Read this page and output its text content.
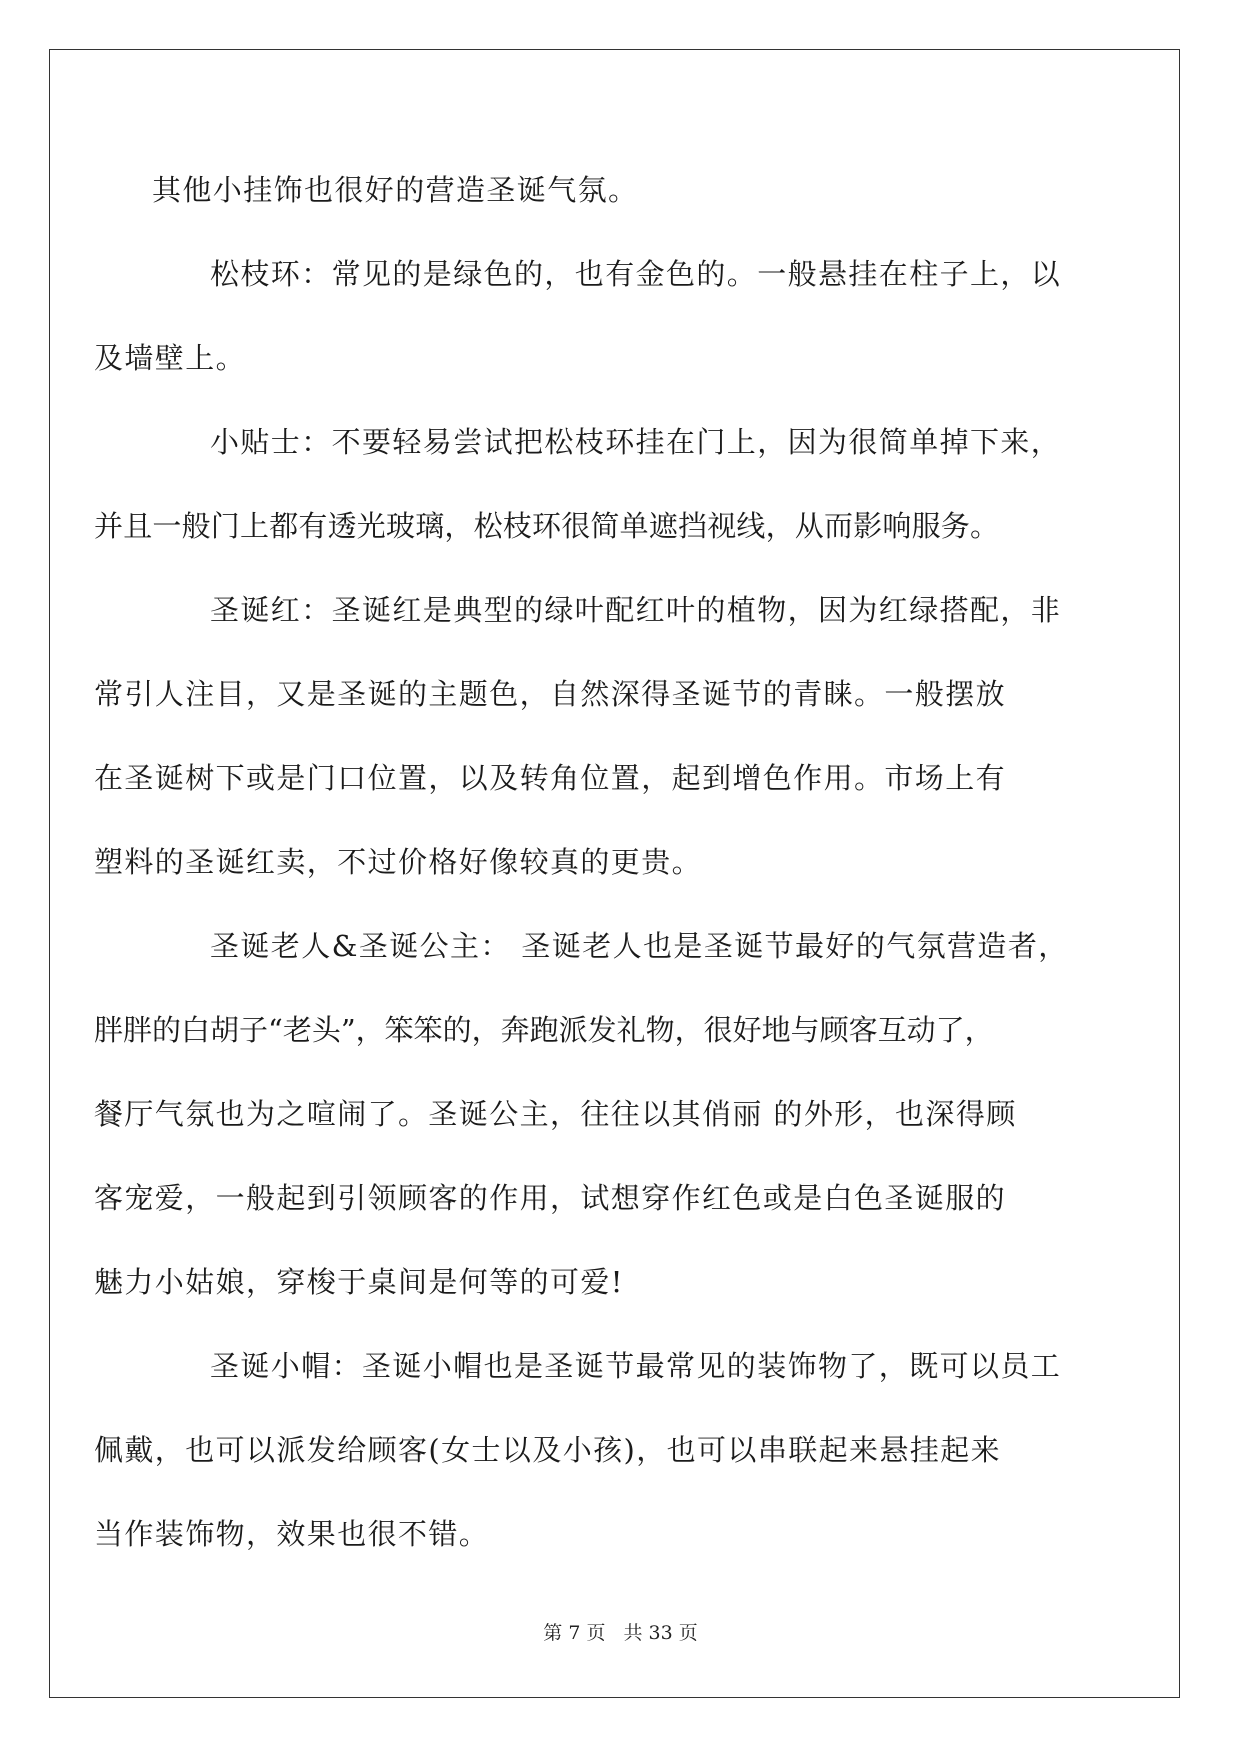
其他小挂饰也很好的营造圣诞气氛。

松枝环：常见的是绿色的，也有金色的。一般悬挂在柱子上，以
及墙壁上。

小贴士：不要轻易尝试把松枝环挂在门上，因为很简单掉下来，
并且一般门上都有透光玻璃，松枝环很简单遮挡视线，从而影响服务。

圣诞红：圣诞红是典型的绿叶配红叶的植物，因为红绿搭配，非
常引人注目，又是圣诞的主题色，自然深得圣诞节的青睐。一般摆放
在圣诞树下或是门口位置，以及转角位置，起到增色作用。市场上有
塑料的圣诞红卖，不过价格好像较真的更贵。

圣诞老人&圣诞公主： 圣诞老人也是圣诞节最好的气氛营造者，
胖胖的白胡子“老头”，笨笨的，奔跑派发礼物，很好地与顾客互动了，
餐厅气氛也为之喧闹了。圣诞公主，往往以其俏丽 的外形，也深得顾
客宠爱，一般起到引领顾客的作用，试想穿作红色或是白色圣诞服的
魅力小姑娘，穿梭于桌间是何等的可爱!

圣诞小帽：圣诞小帽也是圣诞节最常见的装饰物了，既可以员工
佩戴，也可以派发给顾客(女士以及小孩)，也可以串联起来悬挂起来
当作装饰物，效果也很不错。

第 7 页 共 33 页
